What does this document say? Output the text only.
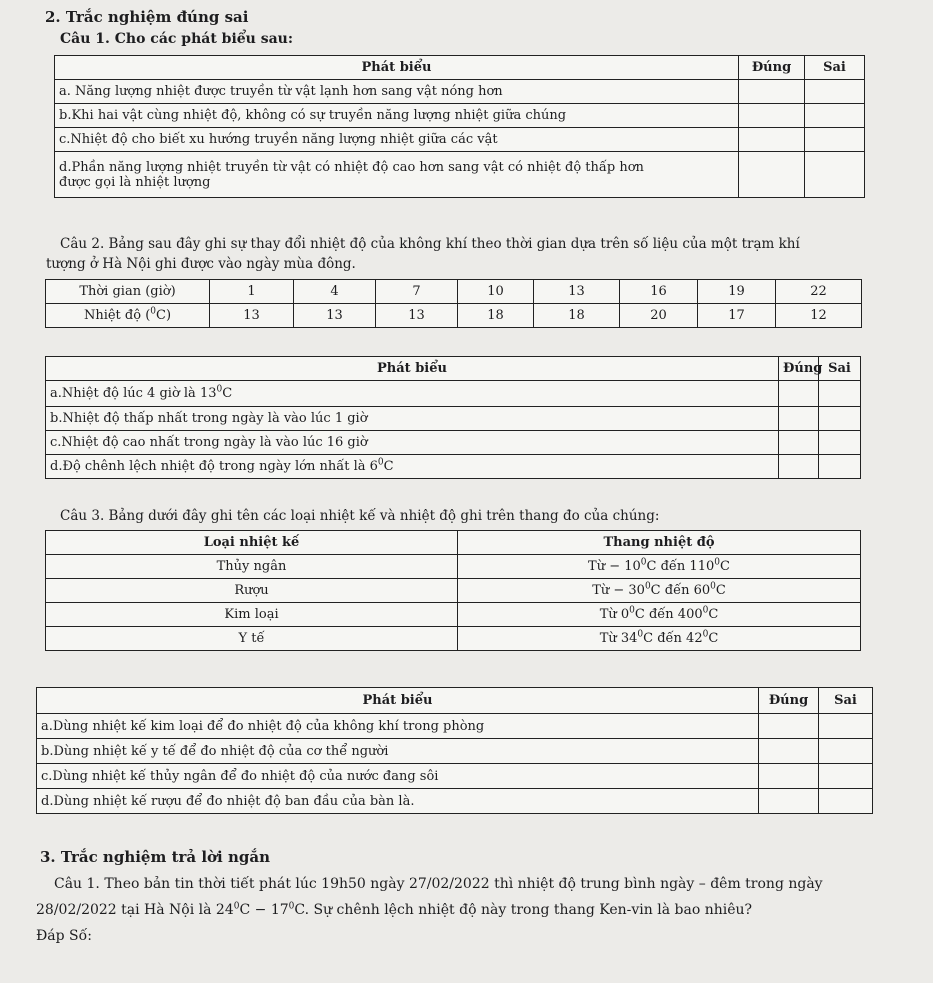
2. Trắc nghiệm đúng sai
Câu 1. Cho các phát biểu sau:
Phát biểu	Đúng	Sai
a. Năng lượng nhiệt được truyền từ vật lạnh hơn sang vật nóng hơn		
b.Khi hai vật cùng nhiệt độ, không có sự truyền năng lượng nhiệt giữa chúng		
c.Nhiệt độ cho biết xu hướng truyền năng lượng nhiệt giữa các vật		
d.Phần năng lượng nhiệt truyền từ vật có nhiệt độ cao hơn sang vật có nhiệt độ thấp hơn
được gọi là nhiệt lượng		
Câu 2. Bảng sau đây ghi sự thay đổi nhiệt độ của không khí theo thời gian dựa trên số liệu của một trạm khí
tượng ở Hà Nội ghi được vào ngày mùa đông.
Thời gian (giờ)	1	4	7	10	13	16	19	22
Nhiệt độ ($^0$C)	13	13	13	18	18	20	17	12
Phát biểu	Đúng	Sai
a.Nhiệt độ lúc 4 giờ là $13^0C$		
b.Nhiệt độ thấp nhất trong ngày là vào lúc 1 giờ		
c.Nhiệt độ cao nhất trong ngày là vào lúc 16 giờ		
d.Độ chênh lệch nhiệt độ trong ngày lớn nhất là $6^0C$		
Câu 3. Bảng dưới đây ghi tên các loại nhiệt kế và nhiệt độ ghi trên thang đo của chúng:
Loại nhiệt kế	Thang nhiệt độ
Thủy ngân	Từ − $10^0C$ đến $110^0C$
Rượu	Từ − $30^0C$ đến $60^0C$
Kim loại	Từ $0^0C$ đến $400^0C$
Y tế	Từ $34^0C$ đến $42^0C$
Phát biểu	Đúng	Sai
a.Dùng nhiệt kế kim loại để đo nhiệt độ của không khí trong phòng		
b.Dùng nhiệt kế y tế để đo nhiệt độ của cơ thể người		
c.Dùng nhiệt kế thủy ngân để đo nhiệt độ của nước đang sôi		
d.Dùng nhiệt kế rượu để đo nhiệt độ ban đầu của bàn là.		
3. Trắc nghiệm trả lời ngắn
Câu 1. Theo bản tin thời tiết phát lúc 19h50 ngày 27/02/2022 thì nhiệt độ trung bình ngày – đêm trong ngày
28/02/2022 tại Hà Nội là $24^0C - 17^0C$. Sự chênh lệch nhiệt độ này trong thang Ken-vin là bao nhiêu?
Đáp Số:
